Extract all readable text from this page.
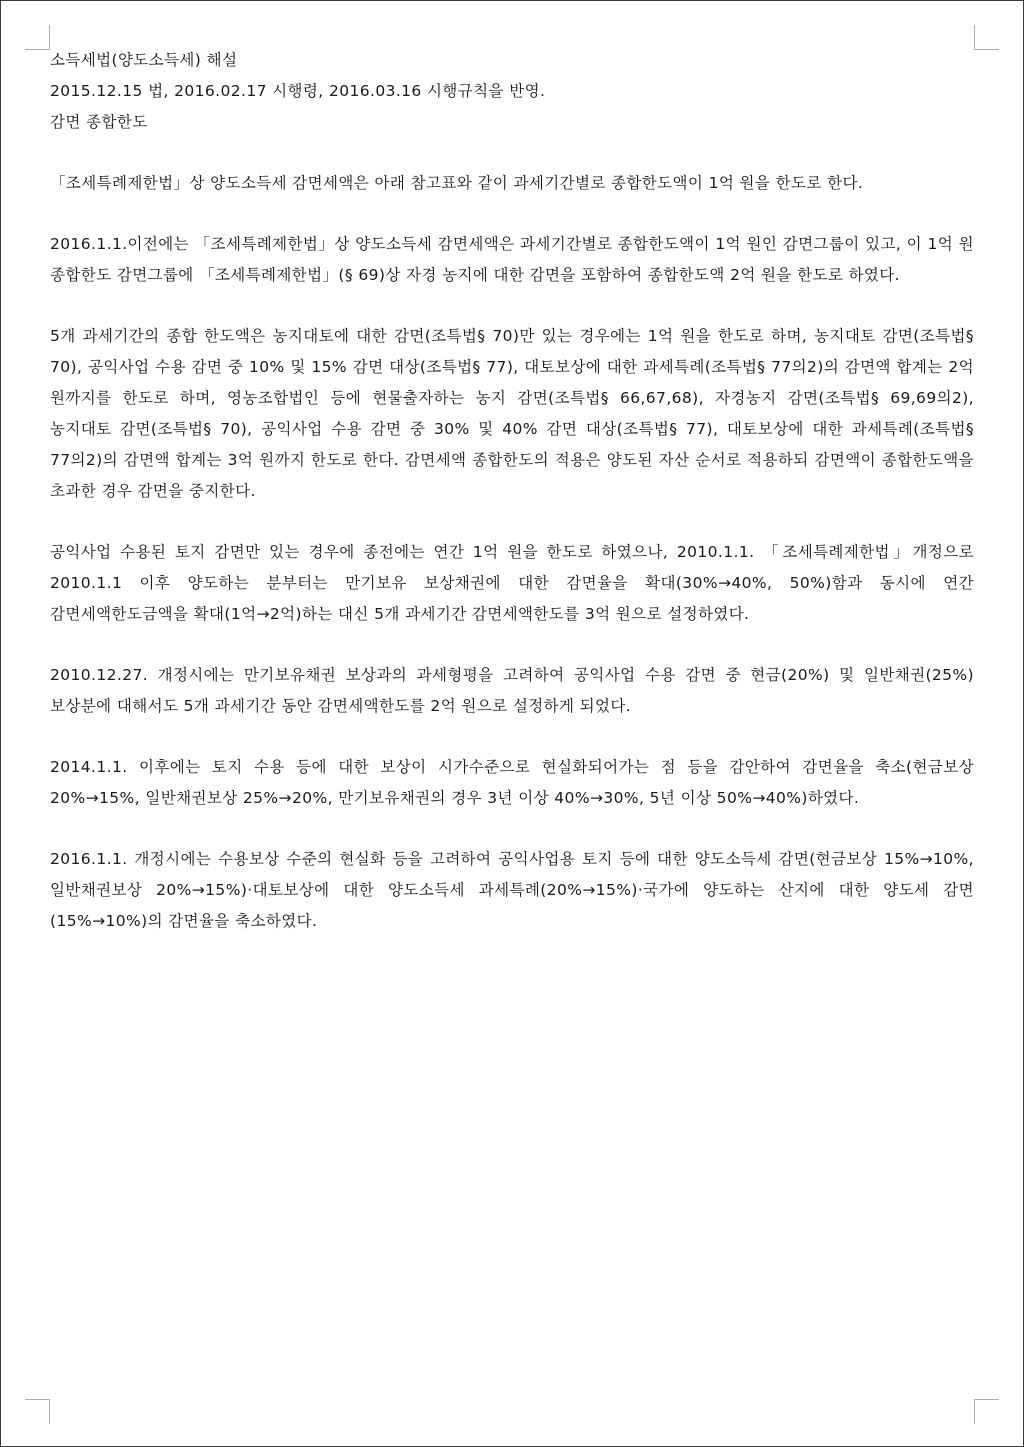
소득세법(양도소득세) 해설

2015.12.15 법, 2016.02.17 시행령, 2016.03.16 시행규칙을 반영.

감면 종합한도

「조세특례제한법」상 양도소득세 감면세액은 아래 참고표와 같이 과세기간별로 종합한도액이 1억 원을 한도로 한다.

2016.1.1.이전에는 「조세특례제한법」상 양도소득세 감면세액은 과세기간별로 종합한도액이 1억 원인 감면그룹이 있고, 이 1억 원 종합한도 감면그룹에 「조세특례제한법」(§ 69)상 자경 농지에 대한 감면을 포함하여 종합한도액 2억 원을 한도로 하였다.

5개 과세기간의 종합 한도액은 농지대토에 대한 감면(조특법§ 70)만 있는 경우에는 1억 원을 한도로 하며, 농지대토 감면(조특법§ 70), 공익사업 수용 감면 중 10% 및 15% 감면 대상(조특법§ 77), 대토보상에 대한 과세특례(조특법§ 77의2)의 감면액 합계는 2억 원까지를 한도로 하며, 영농조합법인 등에 현물출자하는 농지 감면(조특법§ 66,67,68), 자경농지 감면(조특법§ 69,69의2), 농지대토 감면(조특법§ 70), 공익사업 수용 감면 중 30% 및 40% 감면 대상(조특법§ 77), 대토보상에 대한 과세특례(조특법§ 77의2)의 감면액 합계는 3억 원까지 한도로 한다. 감면세액 종합한도의 적용은 양도된 자산 순서로 적용하되 감면액이 종합한도액을 초과한 경우 감면을 중지한다.

공익사업 수용된 토지 감면만 있는 경우에 종전에는 연간 1억 원을 한도로 하였으나, 2010.1.1. 「조세특례제한법」개정으로 2010.1.1 이후 양도하는 분부터는 만기보유 보상채권에 대한 감면율을 확대(30%→40%, 50%)함과 동시에 연간 감면세액한도금액을 확대(1억→2억)하는 대신 5개 과세기간 감면세액한도를 3억 원으로 설정하였다.

2010.12.27. 개정시에는 만기보유채권 보상과의 과세형평을 고려하여 공익사업 수용 감면 중 현금(20%) 및 일반채권(25%) 보상분에 대해서도 5개 과세기간 동안 감면세액한도를 2억 원으로 설정하게 되었다.

2014.1.1. 이후에는 토지 수용 등에 대한 보상이 시가수준으로 현실화되어가는 점 등을 감안하여 감면율을 축소(현금보상 20%→15%, 일반채권보상 25%→20%, 만기보유채권의 경우 3년 이상 40%→30%, 5년 이상 50%→40%)하였다.

2016.1.1. 개정시에는 수용보상 수준의 현실화 등을 고려하여 공익사업용 토지 등에 대한 양도소득세 감면(현금보상 15%→10%, 일반채권보상 20%→15%)·대토보상에 대한 양도소득세 과세특례(20%→15%)·국가에 양도하는 산지에 대한 양도세 감면(15%→10%)의 감면율을 축소하였다.
